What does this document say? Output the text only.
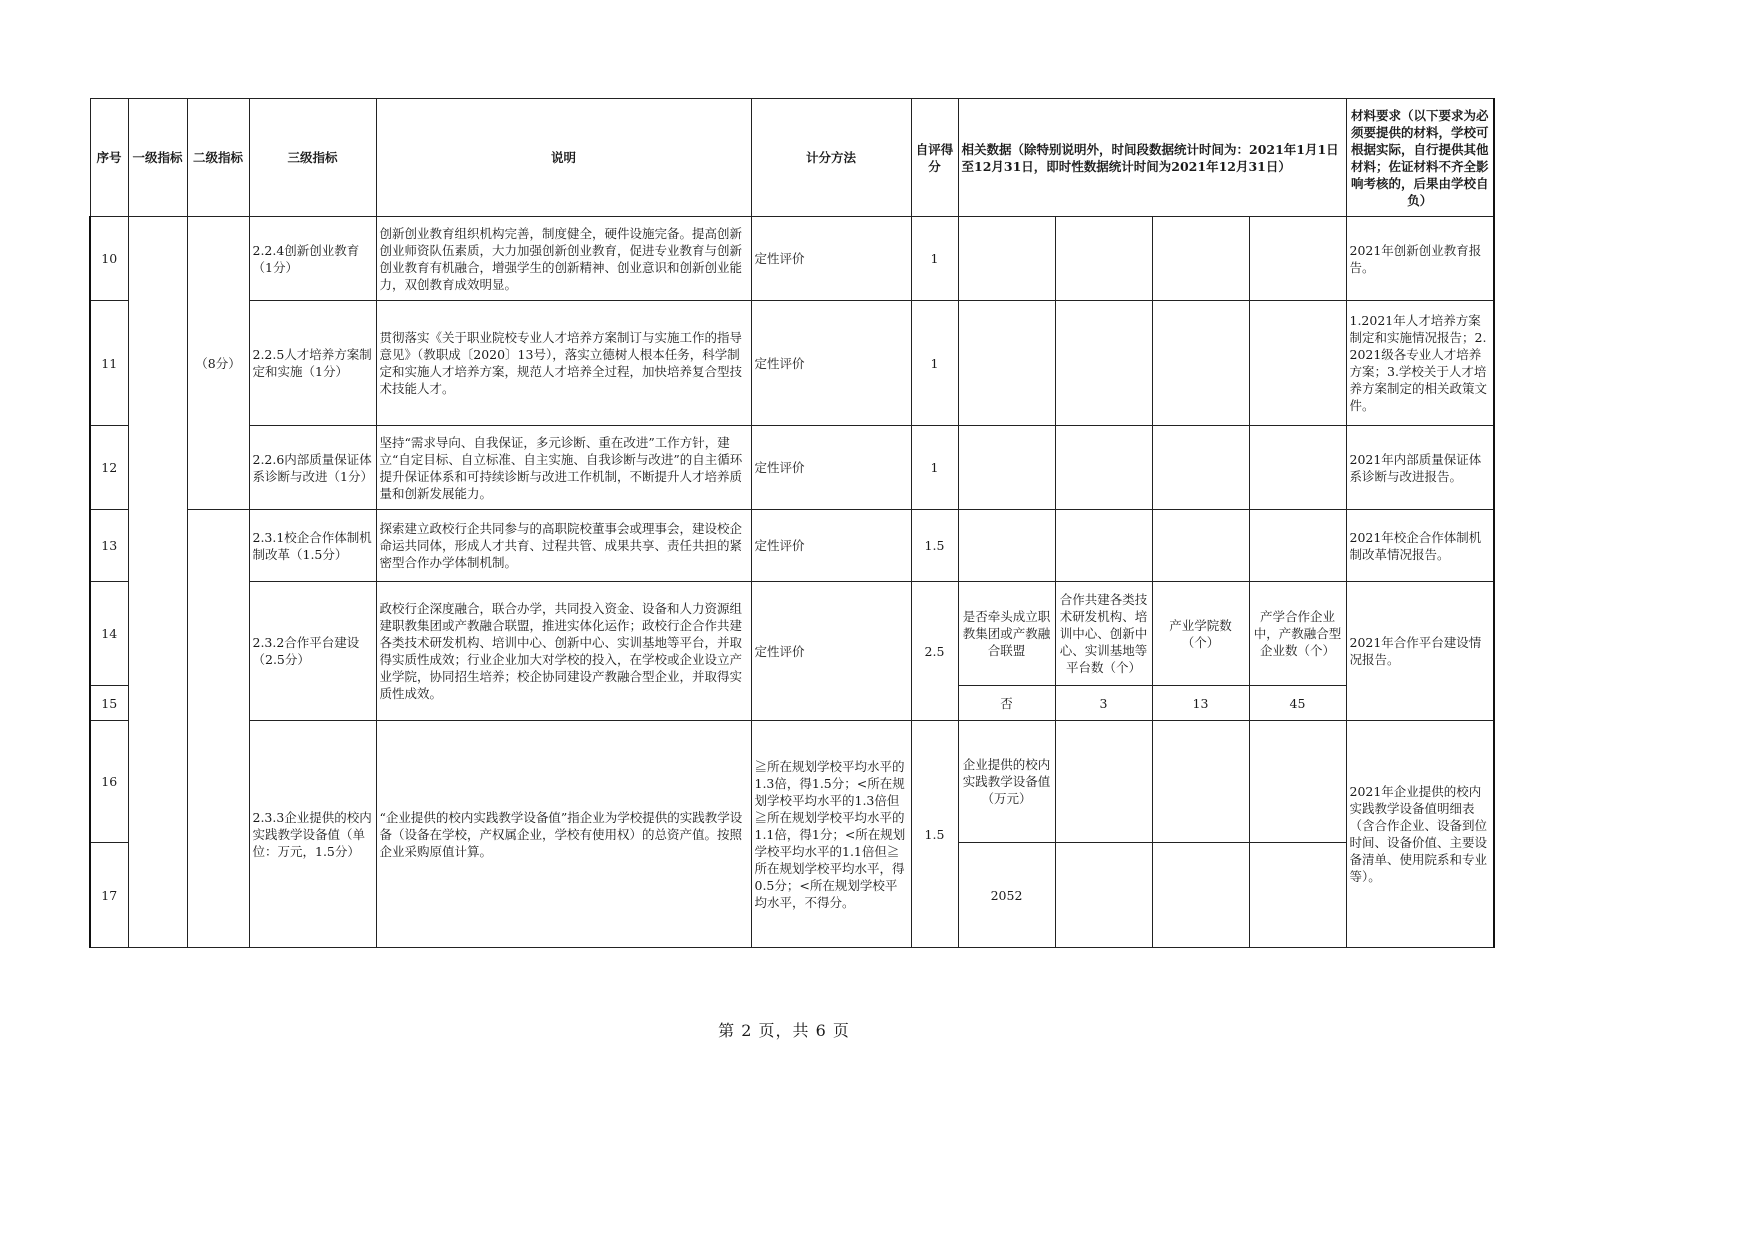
序号	一级指标	二级指标	三级指标	说明	计分方法	自评得分	相关数据（除特别说明外，时间段数据统计时间为：2021年1月1日至12月31日，即时性数据统计时间为2021年12月31日）				材料要求（以下要求为必须要提供的材料，学校可根据实际，自行提供其他材料；佐证材料不齐全影响考核的，后果由学校自负）
10		（8分）	2.2.4创新创业教育（1分）	创新创业教育组织机构完善，制度健全，硬件设施完备。提高创新创业师资队伍素质，大力加强创新创业教育，促进专业教育与创新创业教育有机融合，增强学生的创新精神、创业意识和创新创业能力，双创教育成效明显。	定性评价	1					2021年创新创业教育报告。
11			2.2.5人才培养方案制定和实施（1分）	贯彻落实《关于职业院校专业人才培养方案制订与实施工作的指导意见》（教职成〔2020〕13号），落实立德树人根本任务，科学制定和实施人才培养方案，规范人才培养全过程，加快培养复合型技术技能人才。	定性评价	1					1.2021年人才培养方案制定和实施情况报告；2.2021级各专业人才培养方案；3.学校关于人才培养方案制定的相关政策文件。
12			2.2.6内部质量保证体系诊断与改进（1分）	坚持“需求导向、自我保证，多元诊断、重在改进”工作方针，建立“自定目标、自立标准、自主实施、自我诊断与改进”的自主循环提升保证体系和可持续诊断与改进工作机制，不断提升人才培养质量和创新发展能力。	定性评价	1					2021年内部质量保证体系诊断与改进报告。
13			2.3.1校企合作体制机制改革（1.5分）	探索建立政校行企共同参与的高职院校董事会或理事会，建设校企命运共同体，形成人才共育、过程共管、成果共享、责任共担的紧密型合作办学体制机制。	定性评价	1.5					2021年校企合作体制机制改革情况报告。
14			2.3.2合作平台建设（2.5分）	政校行企深度融合，联合办学，共同投入资金、设备和人力资源组建职教集团或产教融合联盟，推进实体化运作；政校行企合作共建各类技术研发机构、培训中心、创新中心、实训基地等平台，并取得实质性成效；行业企业加大对学校的投入，在学校或企业设立产业学院，协同招生培养；校企协同建设产教融合型企业，并取得实质性成效。	定性评价	2.5	是否牵头成立职教集团或产教融合联盟	合作共建各类技术研发机构、培训中心、创新中心、实训基地等平台数（个）	产业学院数（个）	产学合作企业中，产教融合型企业数（个）	2021年合作平台建设情况报告。
15							否	3	13	45	
16			2.3.3企业提供的校内实践教学设备值（单位：万元，1.5分）	“企业提供的校内实践教学设备值”指企业为学校提供的实践教学设备（设备在学校，产权属企业，学校有使用权）的总资产值。按照企业采购原值计算。	≧所在规划学校平均水平的1.3倍，得1.5分；<所在规划学校平均水平的1.3倍但≧所在规划学校平均水平的1.1倍，得1分；<所在规划学校平均水平的1.1倍但≧所在规划学校平均水平，得0.5分；<所在规划学校平均水平，不得分。	1.5	企业提供的校内实践教学设备值（万元）				2021年企业提供的校内实践教学设备值明细表（含合作企业、设备到位时间、设备价值、主要设备清单、使用院系和专业等）。
17							2052				
第 2 页，共 6 页
